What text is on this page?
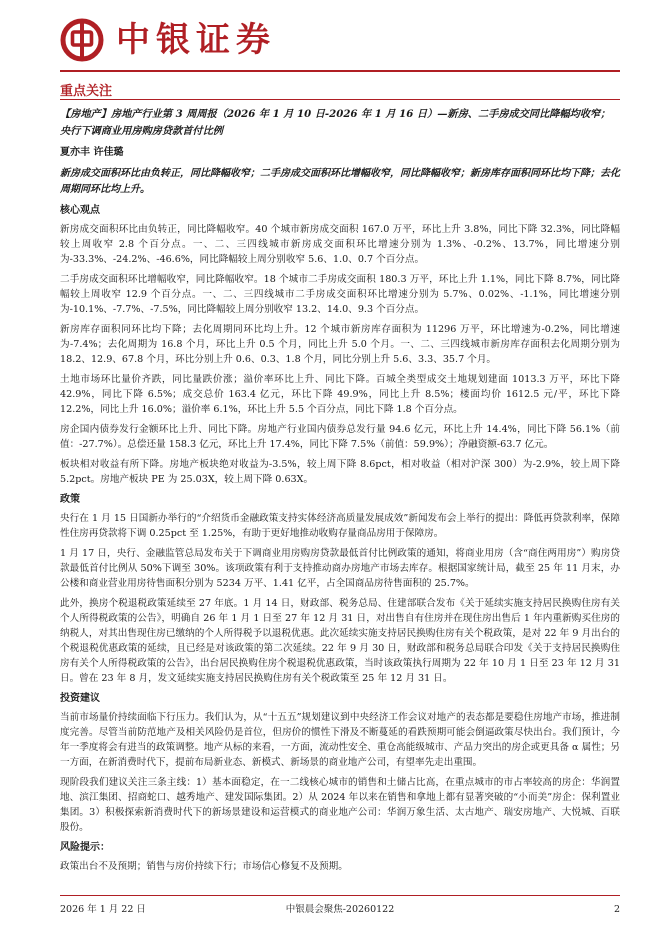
中银证券
重点关注

【房地产】房地产行业第 3 周周报（2026 年 1 月 10 日-2026 年 1 月 16 日）—新房、二手房成交同比降幅均收窄；央行下调商业用房购房贷款首付比例

夏亦丰 许佳璐

新房成交面积环比由负转正，同比降幅收窄；二手房成交面积环比增幅收窄，同比降幅收窄；新房库存面积同环比均下降；去化周期同环比均上升。

核心观点

新房成交面积环比由负转正，同比降幅收窄。40 个城市新房成交面积 167.0 万平，环比上升 3.8%，同比下降 32.3%，同比降幅较上周收窄 2.8 个百分点。一、二、三四线城市新房成交面积环比增速分别为 1.3%、-0.2%、13.7%，同比增速分别为-33.3%、-24.2%、-46.6%，同比降幅较上周分别收窄 5.6、1.0、0.7 个百分点。

二手房成交面积环比增幅收窄，同比降幅收窄。18 个城市二手房成交面积 180.3 万平，环比上升 1.1%，同比下降 8.7%，同比降幅较上周收窄 12.9 个百分点。一、二、三四线城市二手房成交面积环比增速分别为 5.7%、0.02%、-1.1%，同比增速分别为-10.1%、-7.7%、-7.5%，同比降幅较上周分别收窄 13.2、14.0、9.3 个百分点。

新房库存面积同环比均下降；去化周期同环比均上升。12 个城市新房库存面积为 11296 万平，环比增速为-0.2%，同比增速为-7.4%；去化周期为 16.8 个月，环比上升 0.5 个月，同比上升 5.0 个月。一、二、三四线城市新房库存面积去化周期分别为 18.2、12.9、67.8 个月，环比分别上升 0.6、0.3、1.8 个月，同比分别上升 5.6、3.3、35.7 个月。

土地市场环比量价齐跌，同比量跌价涨；溢价率环比上升、同比下降。百城全类型成交土地规划建面 1013.3 万平，环比下降 42.9%，同比下降 6.5%；成交总价 163.4 亿元，环比下降 49.9%，同比上升 8.5%；楼面均价 1612.5 元/平，环比下降 12.2%，同比上升 16.0%；溢价率 6.1%，环比上升 5.5 个百分点，同比下降 1.8 个百分点。

房企国内债券发行金额环比上升、同比下降。房地产行业国内债券总发行量 94.6 亿元，环比上升 14.4%，同比下降 56.1%（前值：-27.7%）。总偿还量 158.3 亿元，环比上升 17.4%，同比下降 7.5%（前值：59.9%）；净融资额-63.7 亿元。

板块相对收益有所下降。房地产板块绝对收益为-3.5%，较上周下降 8.6pct，相对收益（相对沪深 300）为-2.9%，较上周下降 5.2pct。房地产板块 PE 为 25.03X，较上周下降 0.63X。

政策

央行在 1 月 15 日国新办举行的“介绍货币金融政策支持实体经济高质量发展成效”新闻发布会上举行的提出：降低再贷款利率，保障性住房再贷款将下调 0.25pct 至 1.25%，有助于更好地推动收购存量商品房用于保障房。

1 月 17 日，央行、金融监管总局发布关于下调商业用房购房贷款最低首付比例政策的通知，将商业用房（含“商住两用房”）购房贷款最低首付比例从 50%下调至 30%。该项政策有利于支持推动商办房地产市场去库存。根据国家统计局，截至 25 年 11 月末，办公楼和商业营业用房待售面积分别为 5234 万平、1.41 亿平，占全国商品房待售面积的 25.7%。

此外，换房个税退税政策延续至 27 年底。1 月 14 日，财政部、税务总局、住建部联合发布《关于延续实施支持居民换购住房有关个人所得税政策的公告》，明确自 26 年 1 月 1 日至 27 年 12 月 31 日，对出售自有住房并在现住房出售后 1 年内重新购买住房的纳税人，对其出售现住房已缴纳的个人所得税予以退税优惠。此次延续实施支持居民换购住房有关个税政策，是对 22 年 9 月出台的个税退税优惠政策的延续，且已经是对该政策的第二次延续。22 年 9 月 30 日，财政部和税务总局联合印发《关于支持居民换购住房有关个人所得税政策的公告》，出台居民换购住房个税退税优惠政策，当时该政策执行周期为 22 年 10 月 1 日至 23 年 12 月 31 日。曾在 23 年 8 月，发文延续实施支持居民换购住房有关个税政策至 25 年 12 月 31 日。

投资建议

当前市场量价持续面临下行压力。我们认为，从“十五五”规划建议到中央经济工作会议对地产的表态都是要稳住房地产市场，推进制度完善。尽管当前防范地产及相关风险仍是首位，但房价的惯性下滑及不断蔓延的看跌预期可能会倒逼政策尽快出台。我们预计，今年一季度将会有进当的政策调整。地产从标的来看，一方面，流动性安全、重仓高能级城市、产品力突出的房企或更具备 α 属性；另一方面，在新消费时代下，提前布局新业态、新模式、新场景的商业地产公司，有望率先走出重围。

现阶段我们建议关注三条主线：1）基本面稳定，在一二线核心城市的销售和土储占比高，在重点城市的市占率较高的房企：华润置地、滨江集团、招商蛇口、越秀地产、建发国际集团。2）从 2024 年以来在销售和拿地上都有显著突破的“小而美”房企：保利置业集团。3）积极探索新消费时代下的新场景建设和运营模式的商业地产公司：华润万象生活、太古地产、瑞安房地产、大悦城、百联股份。

风险提示：

政策出台不及预期；销售与房价持续下行；市场信心修复不及预期。

2026 年 1 月 22 日	中银晨会聚焦-20260122	2
